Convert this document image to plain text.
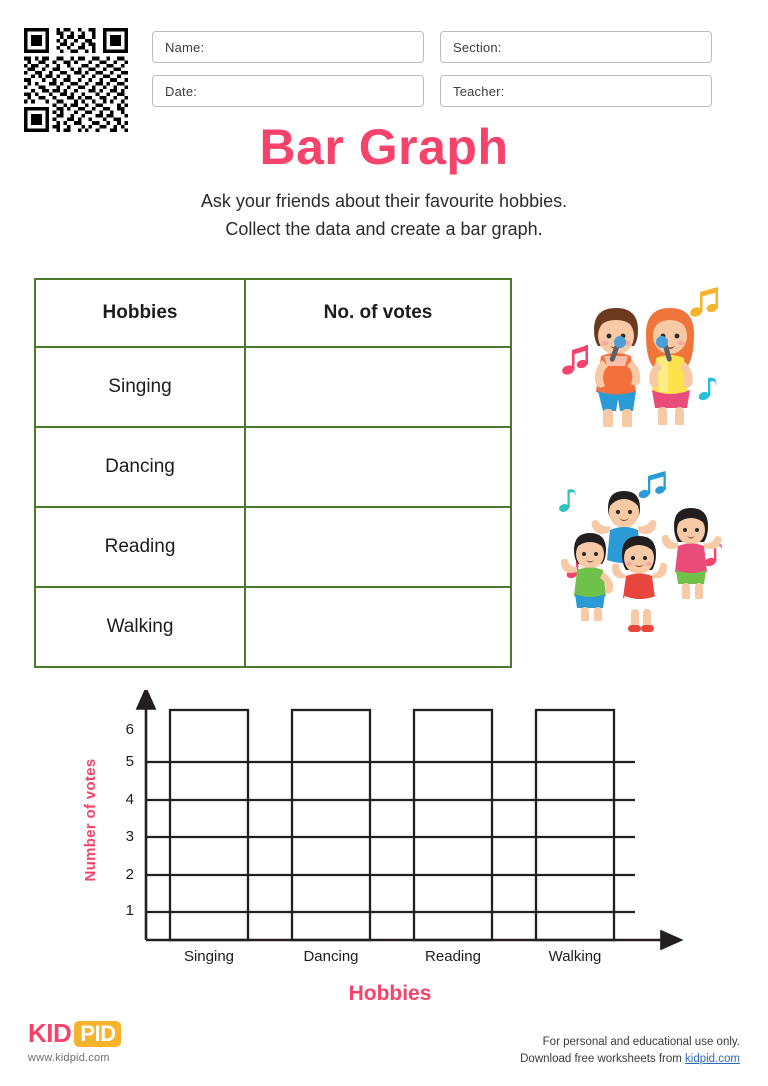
Name:	Section:
Date:	Teacher:
Bar Graph
Ask your friends about their favourite hobbies.
Collect the data and create a bar graph.
Hobbies	No. of votes
Singing	
Dancing	
Reading	
Walking	
Number of votes
6
5
4
3
2
1
Singing	Dancing	Reading	Walking
Hobbies
KID PID
www.kidpid.com
For personal and educational use only.
Download free worksheets from kidpid.com
